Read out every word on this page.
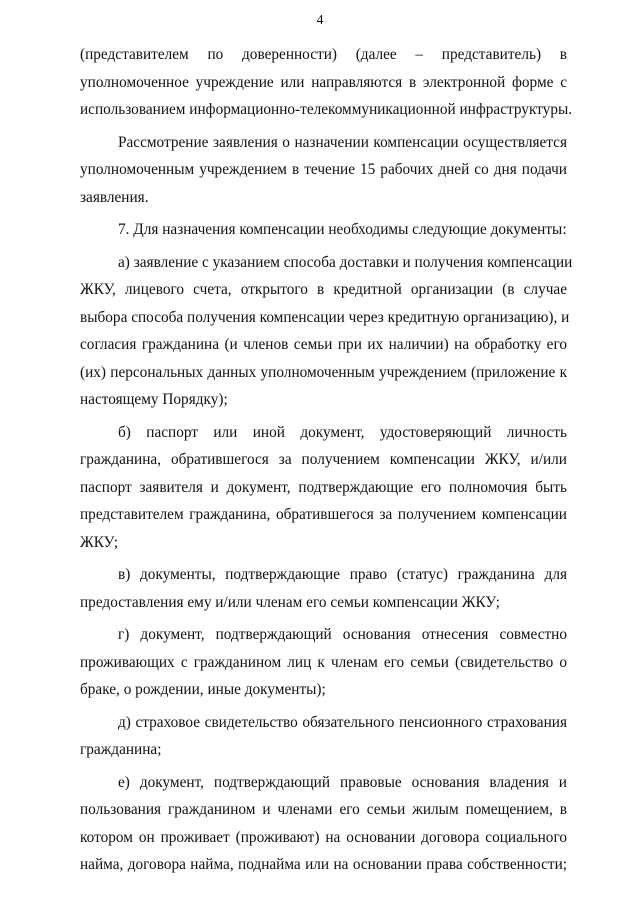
4

(представителем по доверенности) (далее – представитель) в
уполномоченное учреждение или направляются в электронной форме с
использованием информационно-телекоммуникационной инфраструктуры.

Рассмотрение заявления о назначении компенсации осуществляется
уполномоченным учреждением в течение 15 рабочих дней со дня подачи
заявления.

7. Для назначения компенсации необходимы следующие документы:

а) заявление с указанием способа доставки и получения компенсации
ЖКУ, лицевого счета, открытого в кредитной организации (в случае
выбора способа получения компенсации через кредитную организацию), и
согласия гражданина (и членов семьи при их наличии) на обработку его
(их) персональных данных уполномоченным учреждением (приложение к
настоящему Порядку);

б) паспорт или иной документ, удостоверяющий личность
гражданина, обратившегося за получением компенсации ЖКУ, и/или
паспорт заявителя и документ, подтверждающие его полномочия быть
представителем гражданина, обратившегося за получением компенсации
ЖКУ;

в) документы, подтверждающие право (статус) гражданина для
предоставления ему и/или членам его семьи компенсации ЖКУ;

г) документ, подтверждающий основания отнесения совместно
проживающих с гражданином лиц к членам его семьи (свидетельство о
браке, о рождении, иные документы);

д) страховое свидетельство обязательного пенсионного страхования
гражданина;

е) документ, подтверждающий правовые основания владения и
пользования гражданином и членами его семьи жилым помещением, в
котором он проживает (проживают) на основании договора социального
найма, договора найма, поднайма или на основании права собственности;
